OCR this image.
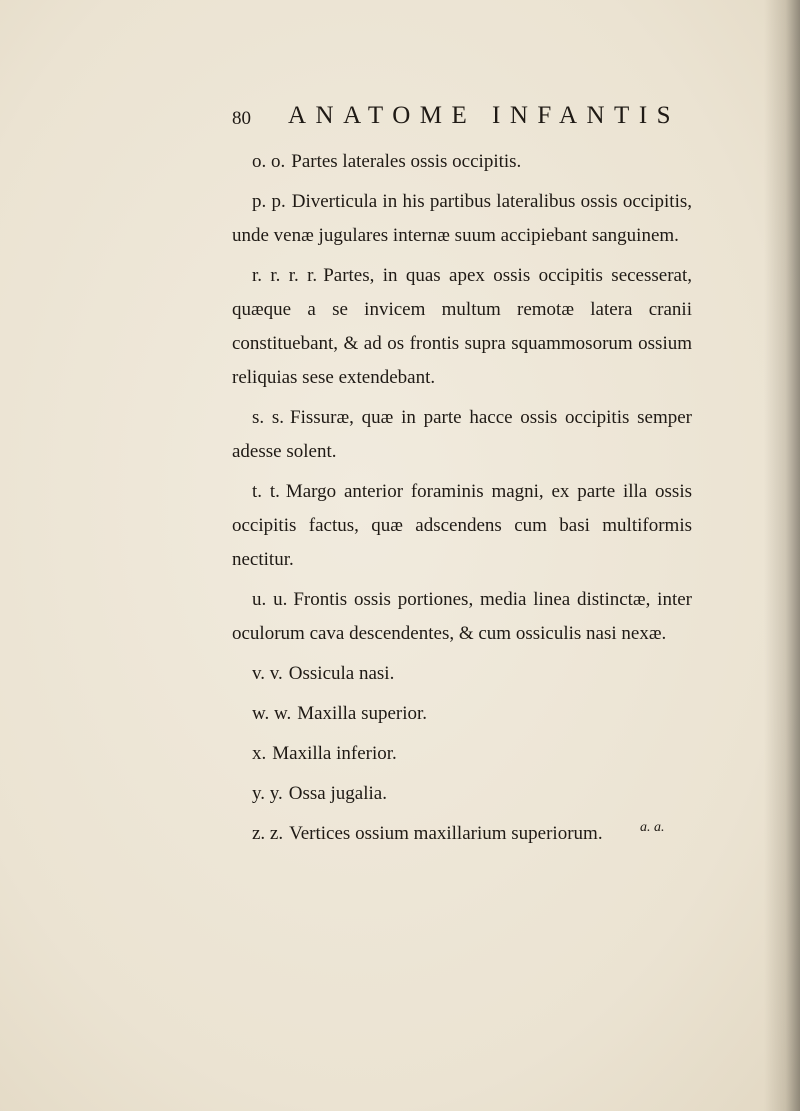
80 ANATOME INFANTIS

o. o. Partes laterales ossis occipitis.

p. p. Diverticula in his partibus lateralibus ossis occipitis, unde venæ jugulares internæ suum accipiebant sanguinem.

r. r. r. r. Partes, in quas apex ossis occipitis secesserat, quæque a se invicem multum remotæ latera cranii constituebant, & ad os frontis supra squammosorum ossium reliquias sese extendebant.

s. s. Fissuræ, quæ in parte hacce ossis occipitis semper adesse solent.

t. t. Margo anterior foraminis magni, ex parte illa ossis occipitis factus, quæ adscendens cum basi multiformis nectitur.

u. u. Frontis ossis portiones, media linea distinctæ, inter oculorum cava descendentes, & cum ossiculis nasi nexæ.

v. v. Ossicula nasi.

w. w. Maxilla superior.

x. Maxilla inferior.

y. y. Ossa jugalia.

z. z. Vertices ossium maxillarium superiorum.	a. a.
